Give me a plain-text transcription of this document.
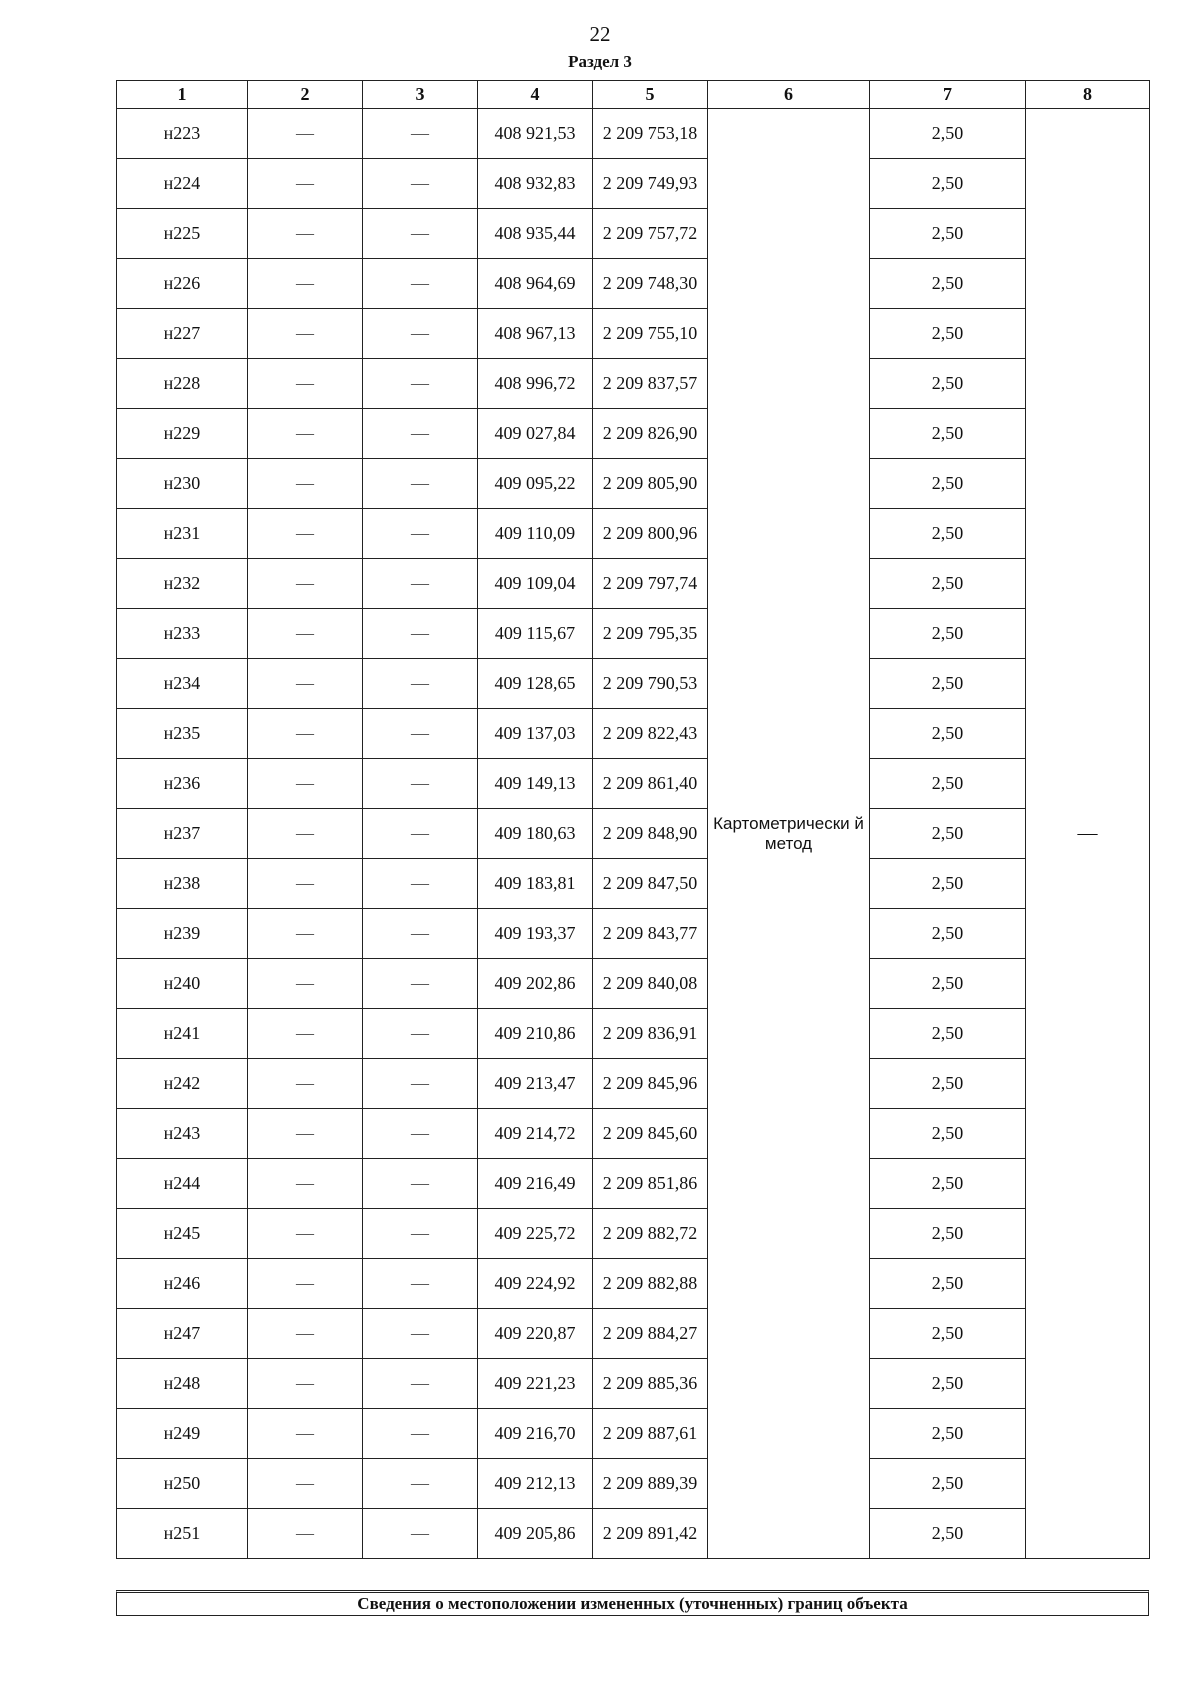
22
Раздел 3
1	2	3	4	5	6	7	8
н223	—	—	408 921,53	2 209 753,18	Картометрически й метод	2,50	—
н224	—	—	408 932,83	2 209 749,93		2,50	
н225	—	—	408 935,44	2 209 757,72		2,50	
н226	—	—	408 964,69	2 209 748,30		2,50	
н227	—	—	408 967,13	2 209 755,10		2,50	
н228	—	—	408 996,72	2 209 837,57		2,50	
н229	—	—	409 027,84	2 209 826,90		2,50	
н230	—	—	409 095,22	2 209 805,90		2,50	
н231	—	—	409 110,09	2 209 800,96		2,50	
н232	—	—	409 109,04	2 209 797,74		2,50	
н233	—	—	409 115,67	2 209 795,35		2,50	
н234	—	—	409 128,65	2 209 790,53		2,50	
н235	—	—	409 137,03	2 209 822,43		2,50	
н236	—	—	409 149,13	2 209 861,40		2,50	
н237	—	—	409 180,63	2 209 848,90		2,50	
н238	—	—	409 183,81	2 209 847,50		2,50	
н239	—	—	409 193,37	2 209 843,77		2,50	
н240	—	—	409 202,86	2 209 840,08		2,50	
н241	—	—	409 210,86	2 209 836,91		2,50	
н242	—	—	409 213,47	2 209 845,96		2,50	
н243	—	—	409 214,72	2 209 845,60		2,50	
н244	—	—	409 216,49	2 209 851,86		2,50	
н245	—	—	409 225,72	2 209 882,72		2,50	
н246	—	—	409 224,92	2 209 882,88		2,50	
н247	—	—	409 220,87	2 209 884,27		2,50	
н248	—	—	409 221,23	2 209 885,36		2,50	
н249	—	—	409 216,70	2 209 887,61		2,50	
н250	—	—	409 212,13	2 209 889,39		2,50	
н251	—	—	409 205,86	2 209 891,42		2,50	
Сведения о местоположении измененных (уточненных) границ объекта
